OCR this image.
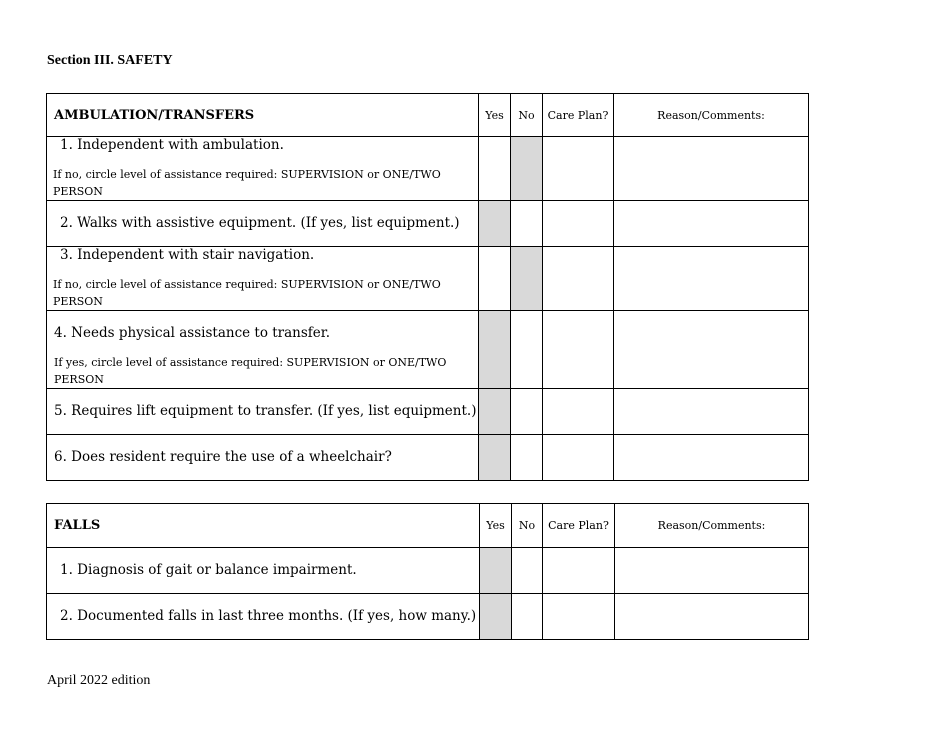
Section III. SAFETY
AMBULATION/TRANSFERS	Yes	No	Care Plan?	Reason/Comments:

1. Independent with ambulation.
If no, circle level of assistance required: SUPERVISION or ONE/TWO PERSON				

2. Walks with assistive equipment. (If yes, list equipment.)				

3. Independent with stair navigation.
If no, circle level of assistance required: SUPERVISION or ONE/TWO PERSON				

4. Needs physical assistance to transfer.
If yes, circle level of assistance required: SUPERVISION or ONE/TWO PERSON				

5. Requires lift equipment to transfer. (If yes, list equipment.)				

6. Does resident require the use of a wheelchair?				

FALLS	Yes	No	Care Plan?	Reason/Comments:

1. Diagnosis of gait or balance impairment.				

2. Documented falls in last three months. (If yes, how many.)				

April 2022 edition
